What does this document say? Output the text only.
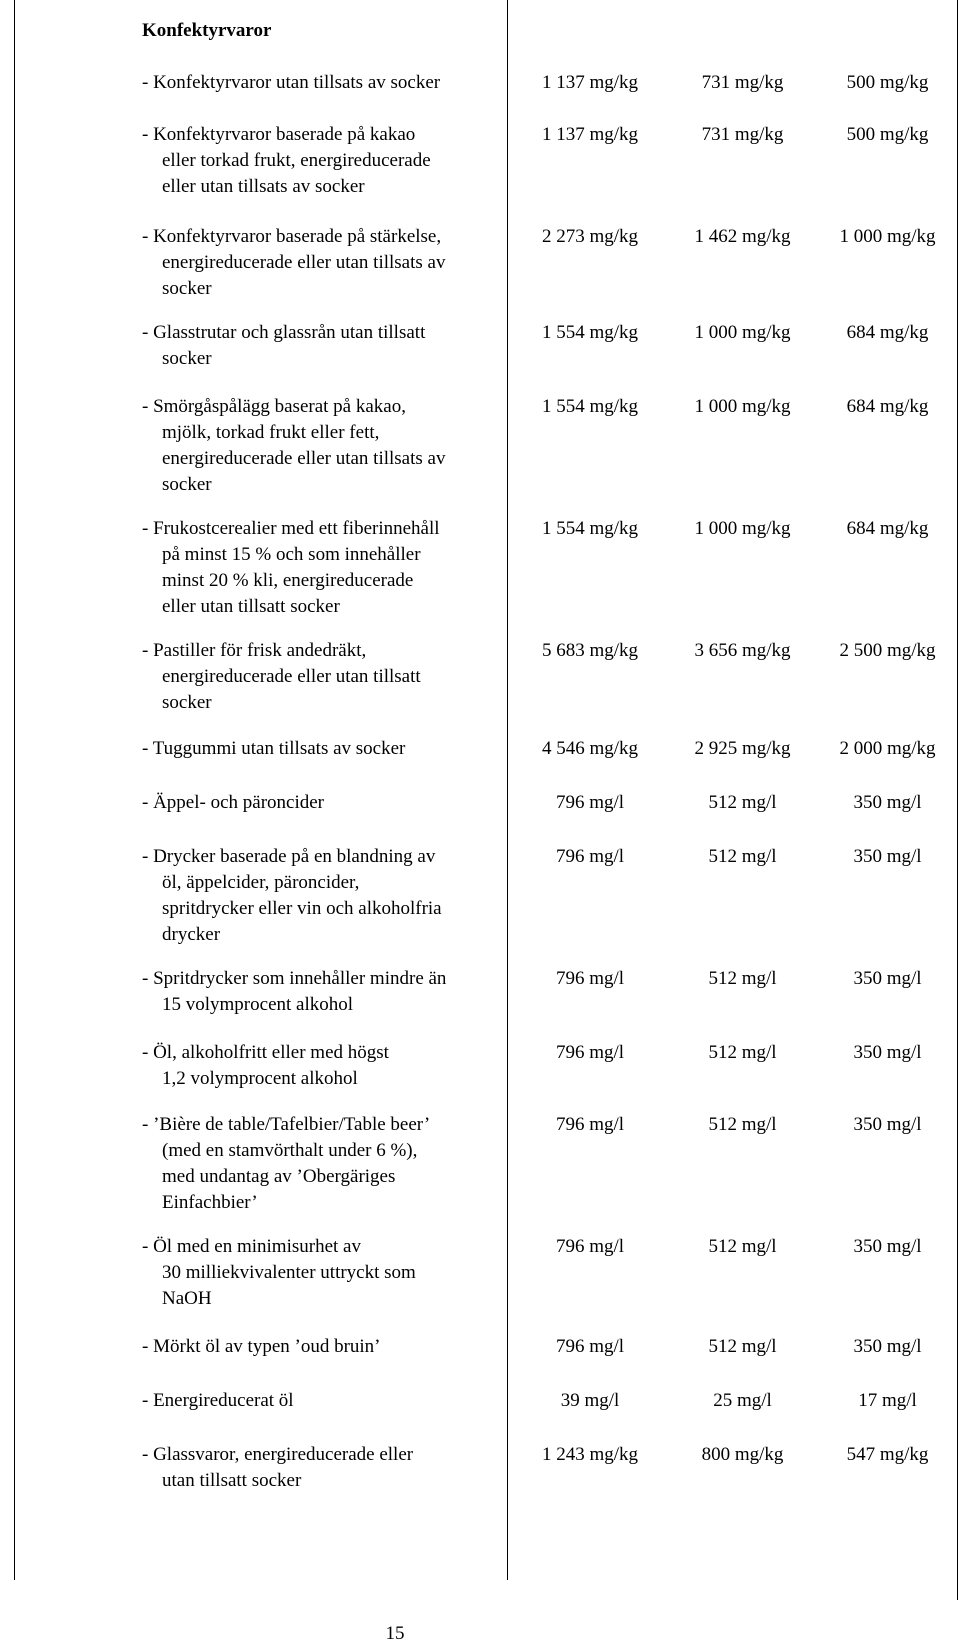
Konfektyrvaror
- Konfektyrvaror utan tillsats av socker	1 137 mg/kg	731 mg/kg	500 mg/kg
- Konfektyrvaror baserade på kakao
eller torkad frukt, energireducerade
eller utan tillsats av socker
1 137 mg/kg	731 mg/kg	500 mg/kg
- Konfektyrvaror baserade på stärkelse,
energireducerade eller utan tillsats av
socker
2 273 mg/kg	1 462 mg/kg	1 000 mg/kg
- Glasstrutar och glassrån utan tillsatt
socker
1 554 mg/kg	1 000 mg/kg	684 mg/kg
- Smörgåspålägg baserat på kakao,
mjölk, torkad frukt eller fett,
energireducerade eller utan tillsats av
socker
1 554 mg/kg	1 000 mg/kg	684 mg/kg
- Frukostcerealier med ett fiberinnehåll
på minst 15 % och som innehåller
minst 20 % kli, energireducerade
eller utan tillsatt socker
1 554 mg/kg	1 000 mg/kg	684 mg/kg
- Pastiller för frisk andedräkt,
energireducerade eller utan tillsatt
socker
5 683 mg/kg	3 656 mg/kg	2 500 mg/kg
- Tuggummi utan tillsats av socker	4 546 mg/kg	2 925 mg/kg	2 000 mg/kg
- Äppel- och päroncider	796 mg/l	512 mg/l	350 mg/l
- Drycker baserade på en blandning av
öl, äppelcider, päroncider,
spritdrycker eller vin och alkoholfria
drycker
796 mg/l	512 mg/l	350 mg/l
- Spritdrycker som innehåller mindre än
15 volymprocent alkohol
796 mg/l	512 mg/l	350 mg/l
- Öl, alkoholfritt eller med högst
1,2 volymprocent alkohol
796 mg/l	512 mg/l	350 mg/l
- ’Bière de table/Tafelbier/Table beer’
(med en stamvörthalt under 6 %),
med undantag av ’Obergäriges
Einfachbier’
796 mg/l	512 mg/l	350 mg/l
- Öl med en minimisurhet av
30 milliekvivalenter uttryckt som
NaOH
796 mg/l	512 mg/l	350 mg/l
- Mörkt öl av typen ’oud bruin’	796 mg/l	512 mg/l	350 mg/l
- Energireducerat öl	39 mg/l	25 mg/l	17 mg/l
- Glassvaror, energireducerade eller
utan tillsatt socker
1 243 mg/kg	800 mg/kg	547 mg/kg
15
